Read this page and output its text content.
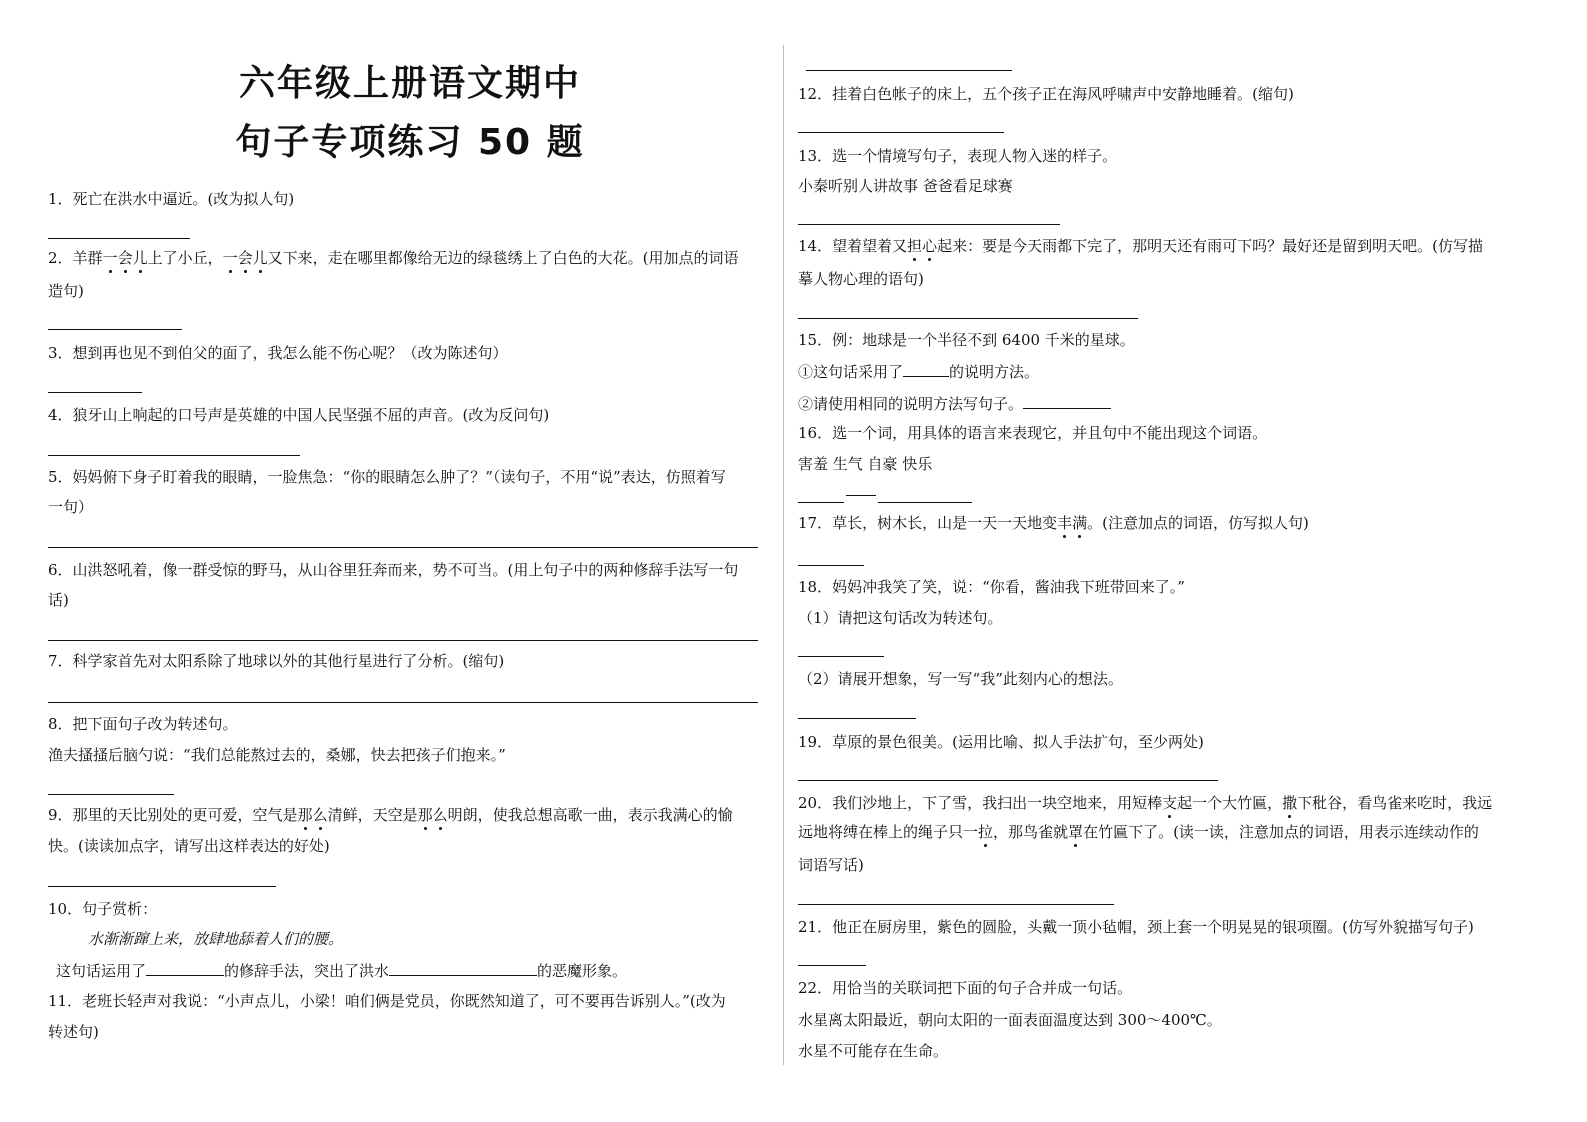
六年级上册语文期中
句子专项练习 50 题
1．死亡在洪水中逼近。(改为拟人句)
2．羊群一会儿上了小丘，一会儿又下来，走在哪里都像给无边的绿毯绣上了白色的大花。(用加点的词语
造句)
3．想到再也见不到伯父的面了，我怎么能不伤心呢？（改为陈述句）
4．狼牙山上响起的口号声是英雄的中国人民坚强不屈的声音。(改为反问句)
5．妈妈俯下身子盯着我的眼睛，一脸焦急：“你的眼睛怎么肿了？”（读句子，不用“说”表达，仿照着写
一句）
6．山洪怒吼着，像一群受惊的野马，从山谷里狂奔而来，势不可当。(用上句子中的两种修辞手法写一句
话)
7．科学家首先对太阳系除了地球以外的其他行星进行了分析。(缩句)
8．把下面句子改为转述句。
渔夫搔搔后脑勺说：“我们总能熬过去的，桑娜，快去把孩子们抱来。”
9．那里的天比别处的更可爱，空气是那么清鲜，天空是那么明朗，使我总想高歌一曲，表示我满心的愉
快。(读读加点字，请写出这样表达的好处)
10．句子赏析：
水渐渐蹿上来，放肆地舔着人们的腰。
这句话运用了	的修辞手法，突出了洪水	的恶魔形象。
11．老班长轻声对我说：“小声点儿，小梁！咱们俩是党员，你既然知道了，可不要再告诉别人。”(改为
转述句)
12．挂着白色帐子的床上，五个孩子正在海风呼啸声中安静地睡着。(缩句)
13．选一个情境写句子，表现人物入迷的样子。
小秦听别人讲故事 爸爸看足球赛
14．望着望着又担心起来：要是今天雨都下完了，那明天还有雨可下吗？最好还是留到明天吧。(仿写描
摹人物心理的语句)
15．例：地球是一个半径不到 6400 千米的星球。
①这句话采用了	的说明方法。
②请使用相同的说明方法写句子。
16．选一个词，用具体的语言来表现它，并且句中不能出现这个词语。
害羞 生气 自豪 快乐
17．草长，树木长，山是一天一天地变丰满。(注意加点的词语，仿写拟人句)
18．妈妈冲我笑了笑，说：“你看，酱油我下班带回来了。”
（1）请把这句话改为转述句。
（2）请展开想象，写一写“我”此刻内心的想法。
19．草原的景色很美。(运用比喻、拟人手法扩句，至少两处)
20．我们沙地上，下了雪，我扫出一块空地来，用短棒支起一个大竹匾，撒下秕谷，看鸟雀来吃时，我远
远地将缚在棒上的绳子只一拉，那鸟雀就罩在竹匾下了。(读一读，注意加点的词语，用表示连续动作的
词语写话)
21．他正在厨房里，紫色的圆脸，头戴一顶小毡帽，颈上套一个明晃晃的银项圈。(仿写外貌描写句子)
22．用恰当的关联词把下面的句子合并成一句话。
水星离太阳最近，朝向太阳的一面表面温度达到 300～400℃。
水星不可能存在生命。
